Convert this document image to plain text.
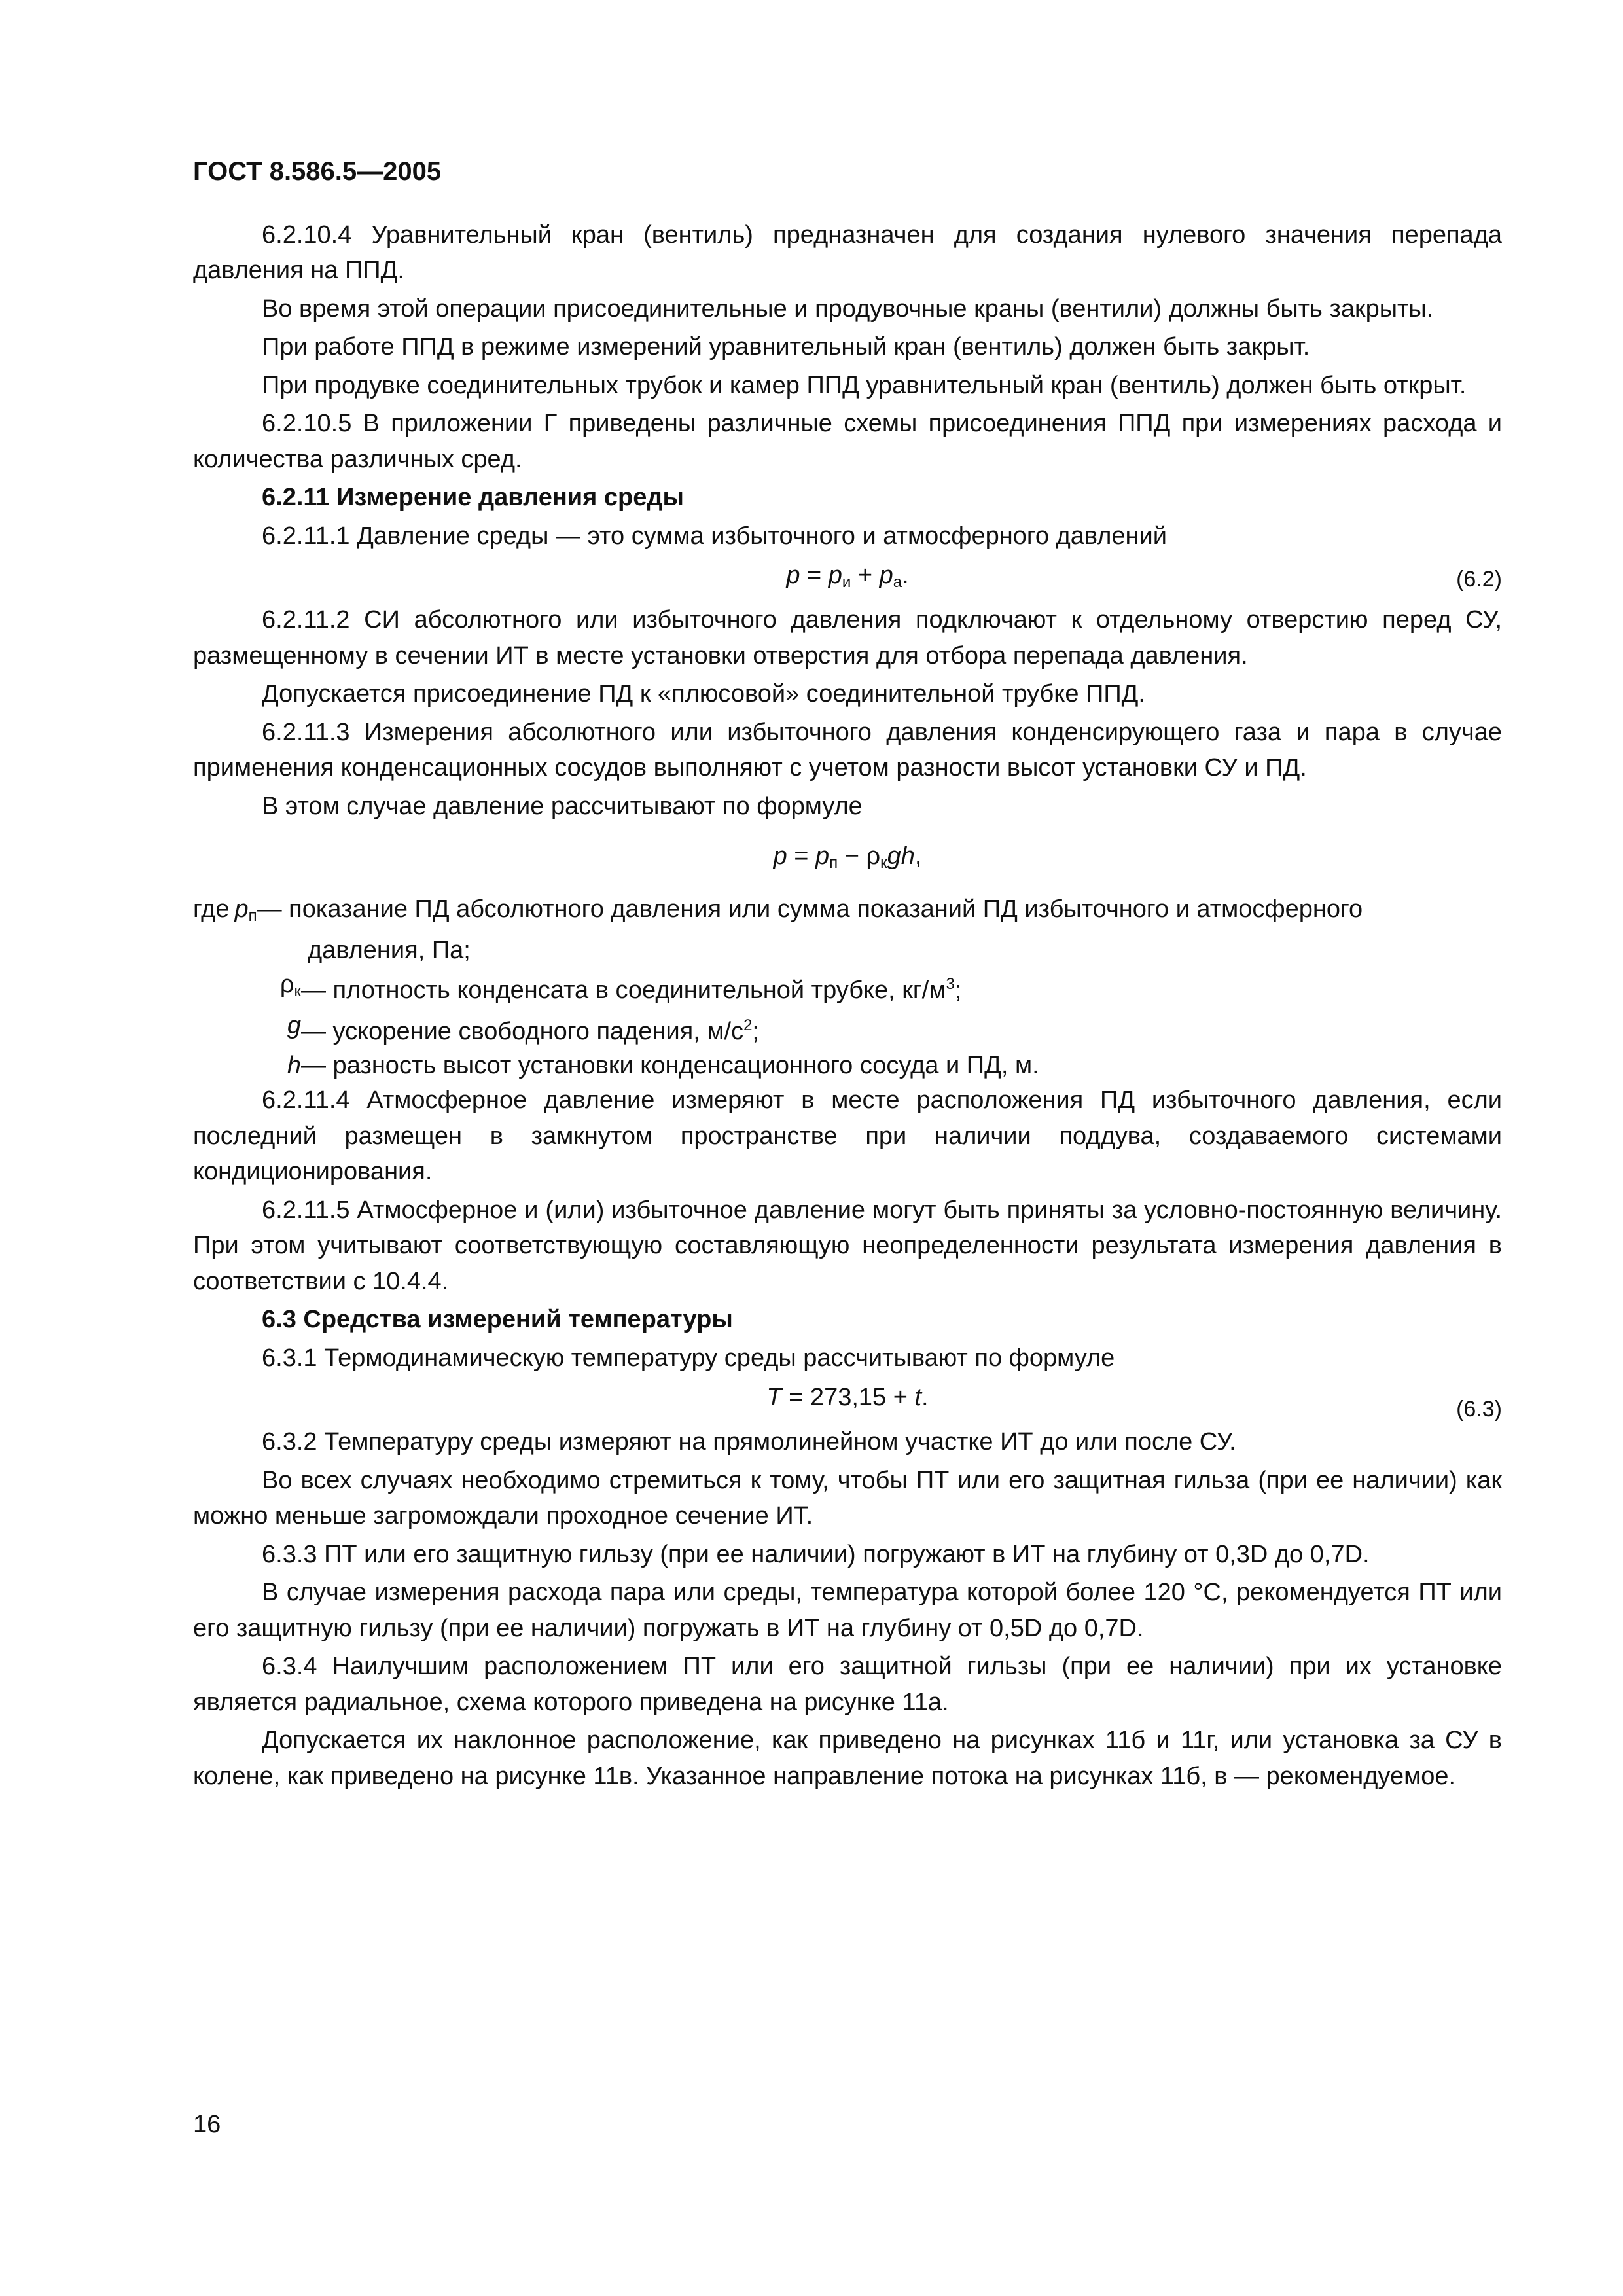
ГОСТ 8.586.5—2005

6.2.10.4 Уравнительный кран (вентиль) предназначен для создания нулевого значения перепада давления на ППД.

Во время этой операции присоединительные и продувочные краны (вентили) должны быть закрыты.

При работе ППД в режиме измерений уравнительный кран (вентиль) должен быть закрыт.

При продувке соединительных трубок и камер ППД уравнительный кран (вентиль) должен быть открыт.

6.2.10.5 В приложении Г приведены различные схемы присоединения ППД при измерениях расхода и количества различных сред.

6.2.11 Измерение давления среды

6.2.11.1 Давление среды — это сумма избыточного и атмосферного давлений

$p = p_и + p_а$.	(6.2)

6.2.11.2 СИ абсолютного или избыточного давления подключают к отдельному отверстию перед СУ, размещенному в сечении ИТ в месте установки отверстия для отбора перепада давления.

Допускается присоединение ПД к «плюсовой» соединительной трубке ППД.

6.2.11.3 Измерения абсолютного или избыточного давления конденсирующего газа и пара в случае применения конденсационных сосудов выполняют с учетом разности высот установки СУ и ПД.

В этом случае давление рассчитывают по формуле

$p = p_п - \rho_кgh$,
где $p_п$ — показание ПД абсолютного давления или сумма показаний ПД избыточного и атмосферного
давления, Па;
$\rho_к$ — плотность конденсата в соединительной трубке, $кг/м^3$;
g — ускорение свободного падения, $м/с^2$;
h — разность высот установки конденсационного сосуда и ПД, м.

6.2.11.4 Атмосферное давление измеряют в месте расположения ПД избыточного давления, если последний размещен в замкнутом пространстве при наличии поддува, создаваемого системами кондиционирования.

6.2.11.5 Атмосферное и (или) избыточное давление могут быть приняты за условно-постоянную величину. При этом учитывают соответствующую составляющую неопределенности результата измерения давления в соответствии с 10.4.4.

6.3 Средства измерений температуры

6.3.1 Термодинамическую температуру среды рассчитывают по формуле

T = 273,15 + t.	(6.3)

6.3.2 Температуру среды измеряют на прямолинейном участке ИТ до или после СУ.

Во всех случаях необходимо стремиться к тому, чтобы ПТ или его защитная гильза (при ее наличии) как можно меньше загромождали проходное сечение ИТ.

6.3.3 ПТ или его защитную гильзу (при ее наличии) погружают в ИТ на глубину от 0,3D до 0,7D.

В случае измерения расхода пара или среды, температура которой более 120 °С, рекомендуется ПТ или его защитную гильзу (при ее наличии) погружать в ИТ на глубину от 0,5D до 0,7D.

6.3.4 Наилучшим расположением ПТ или его защитной гильзы (при ее наличии) при их установке является радиальное, схема которого приведена на рисунке 11а.

Допускается их наклонное расположение, как приведено на рисунках 11б и 11г, или установка за СУ в колене, как приведено на рисунке 11в. Указанное направление потока на рисунках 11б, в — рекомендуемое.

16
